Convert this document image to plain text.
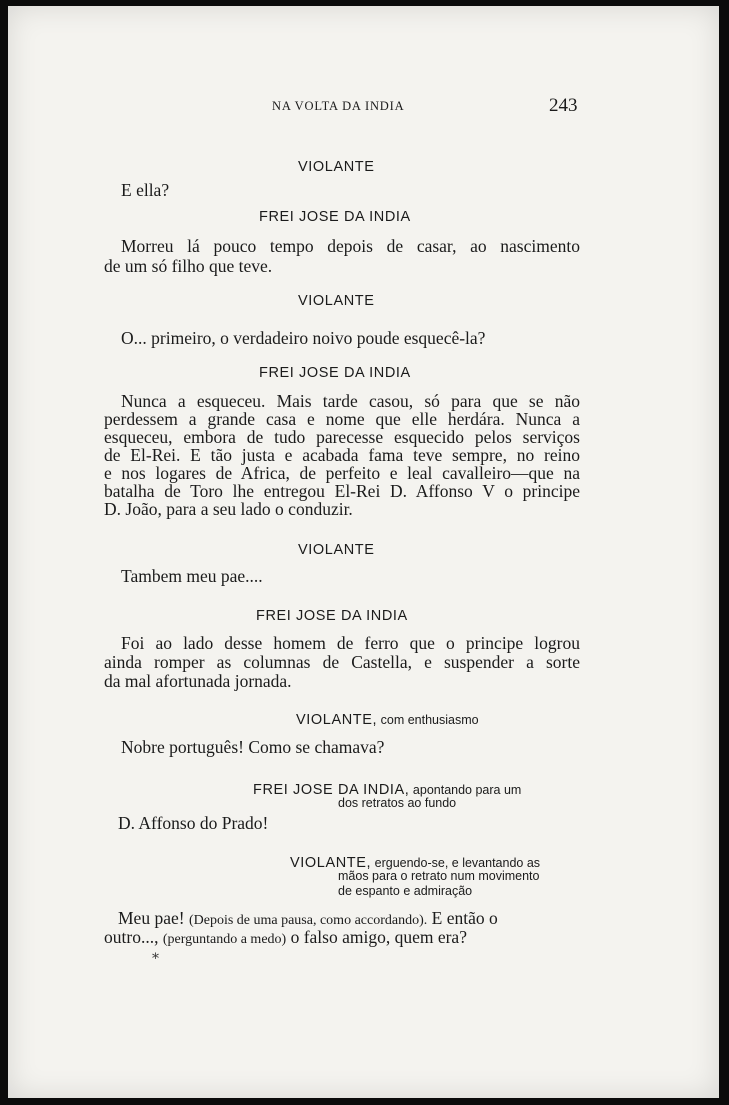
NA VOLTA DA INDIA	243
VIOLANTE
E ella?
FREI JOSE DA INDIA
Morreu lá pouco tempo depois de casar, ao nascimento
de um só filho que teve.
VIOLANTE
O... primeiro, o verdadeiro noivo poude esquecê-la?
FREI JOSE DA INDIA
Nunca a esqueceu. Mais tarde casou, só para que se não
perdessem a grande casa e nome que elle herdára. Nunca a
esqueceu, embora de tudo parecesse esquecido pelos serviços
de El-Rei. E tão justa e acabada fama teve sempre, no reino
e nos logares de Africa, de perfeito e leal cavalleiro—que na
batalha de Toro lhe entregou El-Rei D. Affonso V o principe
D. João, para a seu lado o conduzir.
VIOLANTE
Tambem meu pae....
FREI JOSE DA INDIA
Foi ao lado desse homem de ferro que o principe logrou
ainda romper as columnas de Castella, e suspender a sorte
da mal afortunada jornada.
VIOLANTE, com enthusiasmo
Nobre português! Como se chamava?
FREI JOSE DA INDIA, apontando para um
dos retratos ao fundo
D. Affonso do Prado!
VIOLANTE, erguendo-se, e levantando as
mãos para o retrato num movimento
de espanto e admiração
Meu pae! (Depois de uma pausa, como accordando). E então o
outro..., (perguntando a medo) o falso amigo, quem era?
*
